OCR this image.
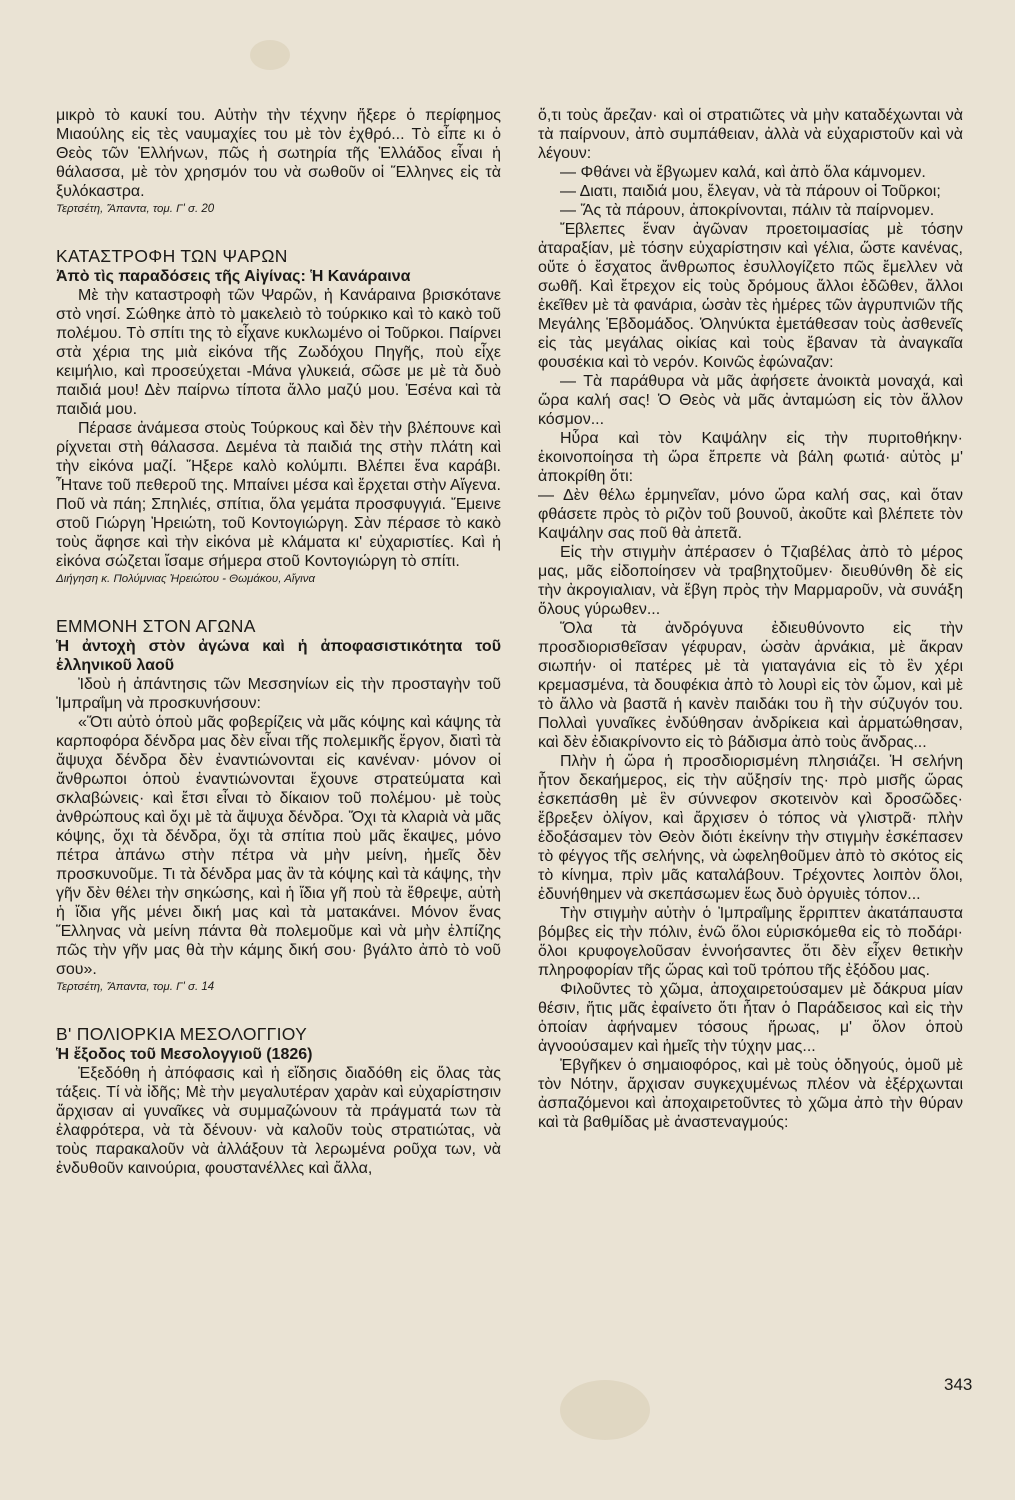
μικρὸ τὸ καυκί του. Αὐτὴν τὴν τέχνην ἤξερε ὁ περίφημος Μιαούλης εἰς τὲς ναυμαχίες του μὲ τὸν ἐχθρό... Τὸ εἶπε κι ὁ Θεὸς τῶν Ἑλλήνων, πῶς ἡ σωτηρία τῆς Ἑλλάδος εἶναι ἡ θάλασσα, μὲ τὸν χρησμόν του νὰ σωθοῦν οἱ Ἕλληνες εἰς τὰ ξυλόκαστρα.

Τερτσέτη, Ἅπαντα, τομ. Γ' σ. 20

ΚΑΤΑΣΤΡΟΦΗ ΤΩΝ ΨΑΡΩΝ

Ἀπὸ τὶς παραδόσεις τῆς Αἰγίνας: Ἡ Κανάραινα

Μὲ τὴν καταστροφὴ τῶν Ψαρῶν, ἡ Κανάραινα βρισκότανε στὸ νησί. Σώθηκε ἀπὸ τὸ μακελειὸ τὸ τούρκικο καὶ τὸ κακὸ τοῦ πολέμου. Τὸ σπίτι της τὸ εἶχανε κυκλωμένο οἱ Τοῦρκοι. Παίρνει στὰ χέρια της μιὰ εἰκόνα τῆς Ζωδόχου Πηγῆς, ποὺ εἶχε κειμήλιο, καὶ προσεύχεται -Μάνα γλυκειά, σῶσε με μὲ τὰ δυὸ παιδιά μου! Δὲν παίρνω τίποτα ἄλλο μαζύ μου. Ἐσένα καὶ τὰ παιδιά μου.

Πέρασε ἀνάμεσα στοὺς Τούρκους καὶ δὲν τὴν βλέπουνε καὶ ρίχνεται στὴ θάλασσα. Δεμένα τὰ παιδιά της στὴν πλάτη καὶ τὴν εἰκόνα μαζί. Ἤξερε καλὸ κολύμπι. Βλέπει ἕνα καράβι. Ἦτανε τοῦ πεθεροῦ της. Μπαίνει μέσα καὶ ἔρχεται στὴν Αἴγενα. Ποῦ νὰ πάη; Σπηλιές, σπίτια, ὅλα γεμάτα προσφυγγιά. Ἔμεινε στοῦ Γιώργη Ἠρειώτη, τοῦ Κοντογιώργη. Σὰν πέρασε τὸ κακὸ τοὺς ἄφησε καὶ τὴν εἰκόνα μὲ κλάματα κι' εὐχαριστίες. Καὶ ἡ εἰκόνα σώζεται ἴσαμε σήμερα στοῦ Κοντογιώργη τὸ σπίτι.

Διήγηση κ. Πολύμνιας Ἠρειώτου - Θωμάκου, Αἴγινα

ΕΜΜΟΝΗ ΣΤΟΝ ΑΓΩΝΑ

Ἡ ἀντοχὴ στὸν ἀγώνα καὶ ἡ ἀποφασιστικότητα τοῦ ἑλληνικοῦ λαοῦ

Ἰδοὺ ἡ ἀπάντησις τῶν Μεσσηνίων εἰς τὴν προσταγὴν τοῦ Ἰμπραΐμη νὰ προσκυνήσουν:

«Ὅτι αὐτὸ ὁποὺ μᾶς φοβερίζεις νὰ μᾶς κόψης καὶ κάψης τὰ καρποφόρα δένδρα μας δὲν εἶναι τῆς πολεμικῆς ἔργον, διατὶ τὰ ἄψυχα δένδρα δὲν ἐναντιώνονται εἰς κανέναν· μόνον οἱ ἄνθρωποι ὁποὺ ἐναντιώνονται ἔχουνε στρατεύματα καὶ σκλαβώνεις· καὶ ἔτσι εἶναι τὸ δίκαιον τοῦ πολέμου· μὲ τοὺς ἀνθρώπους καὶ ὄχι μὲ τὰ ἄψυχα δένδρα. Ὄχι τὰ κλαριὰ νὰ μᾶς κόψης, ὄχι τὰ δένδρα, ὄχι τὰ σπίτια ποὺ μᾶς ἔκαψες, μόνο πέτρα ἀπάνω στὴν πέτρα νὰ μὴν μείνη, ἡμεῖς δὲν προσκυνοῦμε. Τι τὰ δένδρα μας ἂν τὰ κόψης καὶ τὰ κάψης, τὴν γῆν δὲν θέλει τὴν σηκώσης, καὶ ἡ ἴδια γῆ ποὺ τὰ ἔθρεψε, αὐτὴ ἡ ἴδια γῆς μένει δική μας καὶ τὰ ματακάνει. Μόνον ἕνας Ἕλληνας νὰ μείνη πάντα θὰ πολεμοῦμε καὶ νὰ μὴν ἐλπίζης πῶς τὴν γῆν μας θὰ τὴν κάμης δική σου· βγάλτο ἀπὸ τὸ νοῦ σου».

Τερτσέτη, Ἅπαντα, τομ. Γ' σ. 14

Β' ΠΟΛΙΟΡΚΙΑ ΜΕΣΟΛΟΓΓΙΟΥ

Ἡ ἔξοδος τοῦ Μεσολογγιοῦ (1826)

Ἐξεδόθη ἡ ἀπόφασις καὶ ἡ εἴδησις διαδόθη εἰς ὅλας τὰς τάξεις. Τί νὰ ἰδῆς; Μὲ τὴν μεγαλυτέραν χαρὰν καὶ εὐχαρίστησιν ἄρχισαν αἱ γυναῖκες νὰ συμμαζώνουν τὰ πράγματά των τὰ ἐλαφρότερα, νὰ τὰ δένουν· νὰ καλοῦν τοὺς στρατιώτας, νὰ τοὺς παρακαλοῦν νὰ ἀλλάξουν τὰ λερωμένα ροῦχα των, νὰ ἐνδυθοῦν καινούρια, φουστανέλλες καὶ ἄλλα,

ὅ,τι τοὺς ἄρεζαν· καὶ οἱ στρατιῶτες νὰ μὴν καταδέχωνται νὰ τὰ παίρνουν, ἀπὸ συμπάθειαν, ἀλλὰ νὰ εὐχαριστοῦν καὶ νὰ λέγουν:

— Φθάνει νὰ ἔβγωμεν καλά, καὶ ἀπὸ ὅλα κάμνομεν.

— Διατι, παιδιά μου, ἔλεγαν, νὰ τὰ πάρουν οἱ Τοῦρκοι;

— Ἄς τὰ πάρουν, ἀποκρίνονται, πάλιν τὰ παίρνομεν.

Ἔβλεπες ἕναν ἀγῶναν προετοιμασίας μὲ τόσην ἀταραξίαν, μὲ τόσην εὐχαρίστησιν καὶ γέλια, ὥστε κανένας, οὔτε ὁ ἔσχατος ἄνθρωπος ἐσυλλογίζετο πῶς ἔμελλεν νὰ σωθῆ. Καὶ ἔτρεχον εἰς τοὺς δρόμους ἄλλοι ἐδῶθεν, ἄλλοι ἐκεῖθεν μὲ τὰ φανάρια, ὡσὰν τὲς ἡμέρες τῶν ἀγρυπνιῶν τῆς Μεγάλης Ἑβδομάδος. Ὁληνύκτα ἐμετάθεσαν τοὺς ἀσθενεῖς εἰς τὰς μεγάλας οἰκίας καὶ τοὺς ἔβαναν τὰ ἀναγκαῖα φουσέκια καὶ τὸ νερόν. Κοινῶς ἐφώναζαν:

— Τὰ παράθυρα νὰ μᾶς ἀφήσετε ἀνοικτὰ μοναχά, καὶ ὥρα καλή σας! Ὁ Θεὸς νὰ μᾶς ἀνταμώση εἰς τὸν ἄλλον κόσμον...

Ηὗρα καὶ τὸν Καψάλην εἰς τὴν πυριτοθήκην· ἐκοινοποίησα τὴ ὥρα ἔπρεπε νὰ βάλη φωτιά· αὐτὸς μ' ἀποκρίθη ὅτι:

— Δὲν θέλω ἑρμηνεῖαν, μόνο ὥρα καλή σας, καὶ ὅταν φθάσετε πρὸς τὸ ριζὸν τοῦ βουνοῦ, ἀκοῦτε καὶ βλέπετε τὸν Καψάλην σας ποῦ θὰ ἀπετᾶ.

Εἰς τὴν στιγμὴν ἀπέρασεν ὁ Τζιαβέλας ἀπὸ τὸ μέρος μας, μᾶς εἰδοποίησεν νὰ τραβηχτοῦμεν· διευθύνθη δὲ εἰς τὴν ἀκρογιαλιαν, νὰ ἔβγη πρὸς τὴν Μαρμαροῦν, νὰ συνάξη ὅλους γύρωθεν...

Ὅλα τὰ ἀνδρόγυνα ἐδιευθύνοντο εἰς τὴν προσδιορισθεῖσαν γέφυραν, ὡσὰν ἀρνάκια, μὲ ἄκραν σιωπήν· οἱ πατέρες μὲ τὰ γιαταγάνια εἰς τὸ ἓν χέρι κρεμασμένα, τὰ δουφέκια ἀπὸ τὸ λουρὶ εἰς τὸν ὦμον, καὶ μὲ τὸ ἄλλο νὰ βαστᾶ ἡ κανὲν παιδάκι του ἢ τὴν σύζυγόν του. Πολλαὶ γυναῖκες ἐνδύθησαν ἀνδρίκεια καὶ ἁρματώθησαν, καὶ δὲν ἐδιακρίνοντο εἰς τὸ βάδισμα ἀπὸ τοὺς ἄνδρας...

Πλὴν ἡ ὥρα ἡ προσδιορισμένη πλησιάζει. Ἡ σελήνη ἦτον δεκαήμερος, εἰς τὴν αὔξησίν της· πρὸ μισῆς ὥρας ἐσκεπάσθη μὲ ἓν σύννεφον σκοτεινὸν καὶ δροσῶδες· ἔβρεξεν ὀλίγον, καὶ ἄρχισεν ὁ τόπος νὰ γλιστρᾶ· πλὴν ἐδοξάσαμεν τὸν Θεὸν διότι ἐκείνην τὴν στιγμὴν ἐσκέπασεν τὸ φέγγος τῆς σελήνης, νὰ ὠφεληθοῦμεν ἀπὸ τὸ σκότος εἰς τὸ κίνημα, πρὶν μᾶς καταλάβουν. Τρέχοντες λοιπὸν ὅλοι, ἐδυνήθημεν νὰ σκεπάσωμεν ἕως δυὸ ὀργυιὲς τόπον...

Τὴν στιγμὴν αὐτὴν ὁ Ἰμπραΐμης ἔρριπτεν ἀκατάπαυστα βόμβες εἰς τὴν πόλιν, ἐνῶ ὅλοι εὑρισκόμεθα εἰς τὸ ποδάρι· ὅλοι κρυφογελοῦσαν ἐννοήσαντες ὅτι δὲν εἶχεν θετικὴν πληροφορίαν τῆς ὥρας καὶ τοῦ τρόπου τῆς ἐξόδου μας.

Φιλοῦντες τὸ χῶμα, ἀποχαιρετούσαμεν μὲ δάκρυα μίαν θέσιν, ἥτις μᾶς ἐφαίνετο ὅτι ἦταν ὁ Παράδεισος καὶ εἰς τὴν ὁποίαν ἀφήναμεν τόσους ἥρωας, μ' ὅλον ὁποὺ ἀγνοούσαμεν καὶ ἡμεῖς τὴν τύχην μας...

Ἐβγῆκεν ὁ σημαιοφόρος, καὶ μὲ τοὺς ὁδηγούς, ὁμοῦ μὲ τὸν Νότην, ἄρχισαν συγκεχυμένως πλέον νὰ ἐξέρχωνται ἀσπαζόμενοι καὶ ἀποχαιρετοῦντες τὸ χῶμα ἀπὸ τὴν θύραν καὶ τὰ βαθμίδας μὲ ἀναστεναγμούς:

343
